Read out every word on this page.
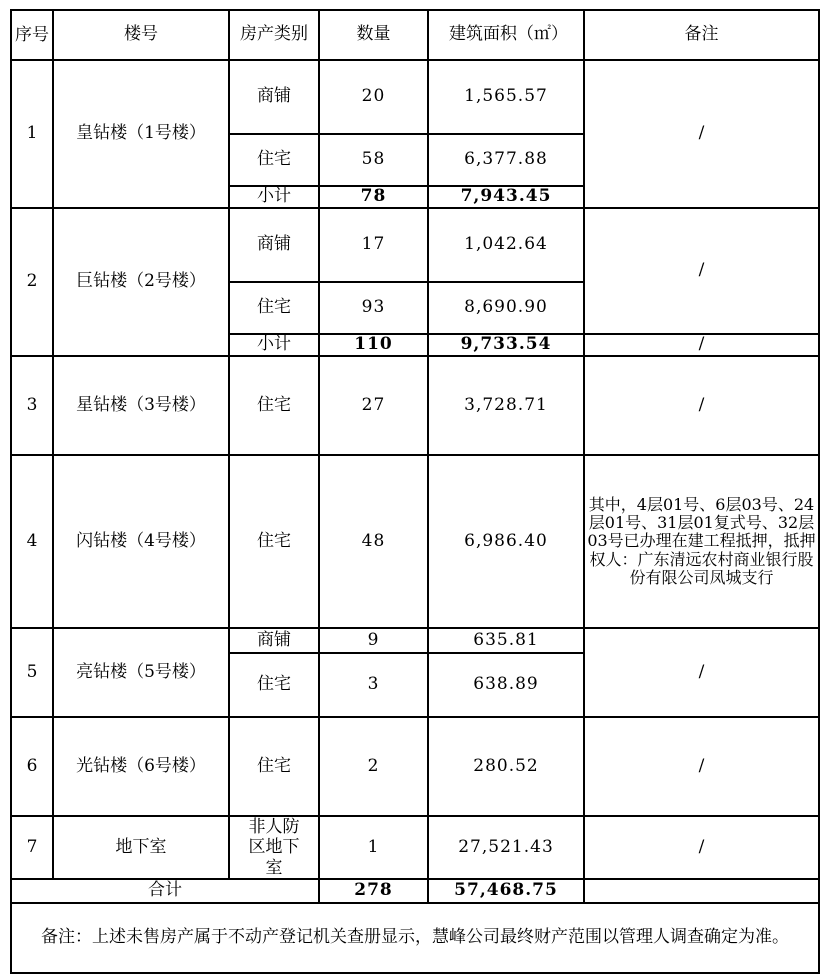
序号	楼号	房产类别	数量	建筑面积（㎡）	备注
1	皇钻楼（1号楼）	商铺	20	1,565.57	/
		住宅	58	6,377.88	
		小计	78	7,943.45	
2	巨钻楼（2号楼）	商铺	17	1,042.64	/
		住宅	93	8,690.90	
		小计	110	9,733.54	/
3	星钻楼（3号楼）	住宅	27	3,728.71	/
4	闪钻楼（4号楼）	住宅	48	6,986.40	其中，4层01号、6层03号、24层01号、31层01复式号、32层03号已办理在建工程抵押，抵押权人：广东清远农村商业银行股份有限公司凤城支行
5	亮钻楼（5号楼）	商铺	9	635.81	/
		住宅	3	638.89	
6	光钻楼（6号楼）	住宅	2	280.52	/
7	地下室	非人防区地下室	1	27,521.43	/
合计			278	57,468.75	
备注：上述未售房产属于不动产登记机关查册显示，慧峰公司最终财产范围以管理人调查确定为准。					
